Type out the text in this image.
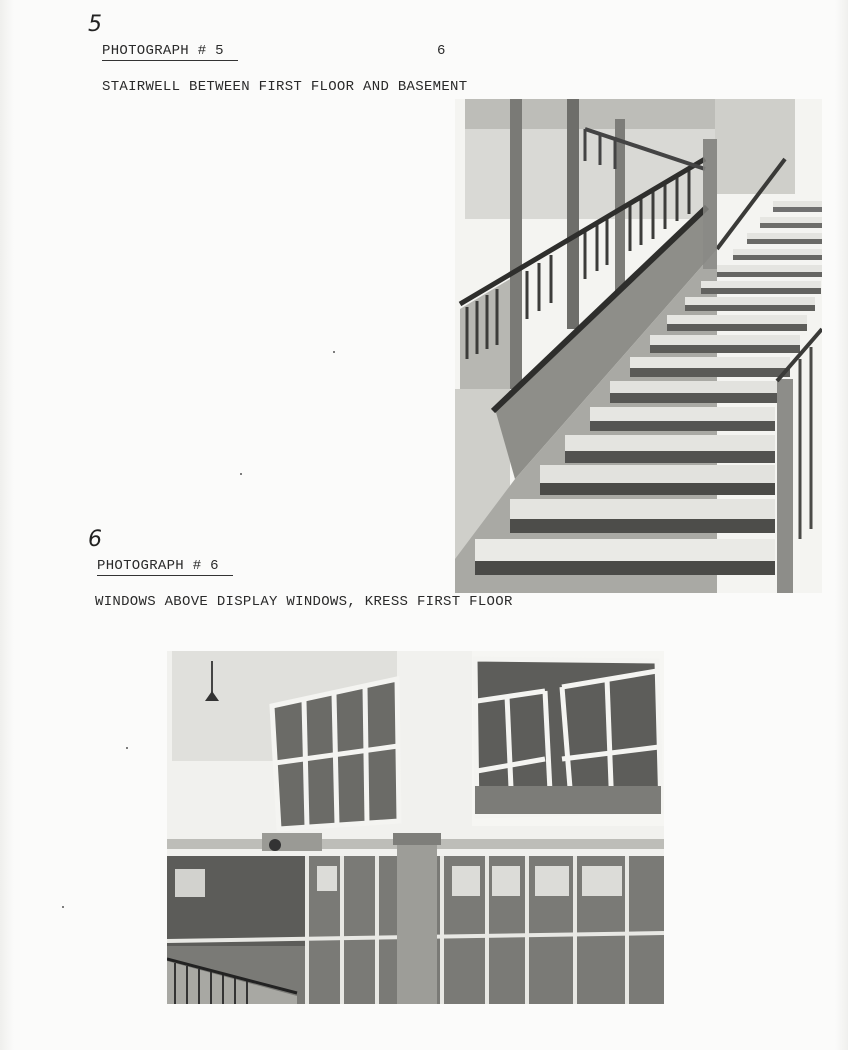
5
PHOTOGRAPH # 5	6
STAIRWELL BETWEEN FIRST FLOOR AND BASEMENT
6
PHOTOGRAPH # 6
WINDOWS ABOVE DISPLAY WINDOWS, KRESS FIRST FLOOR
